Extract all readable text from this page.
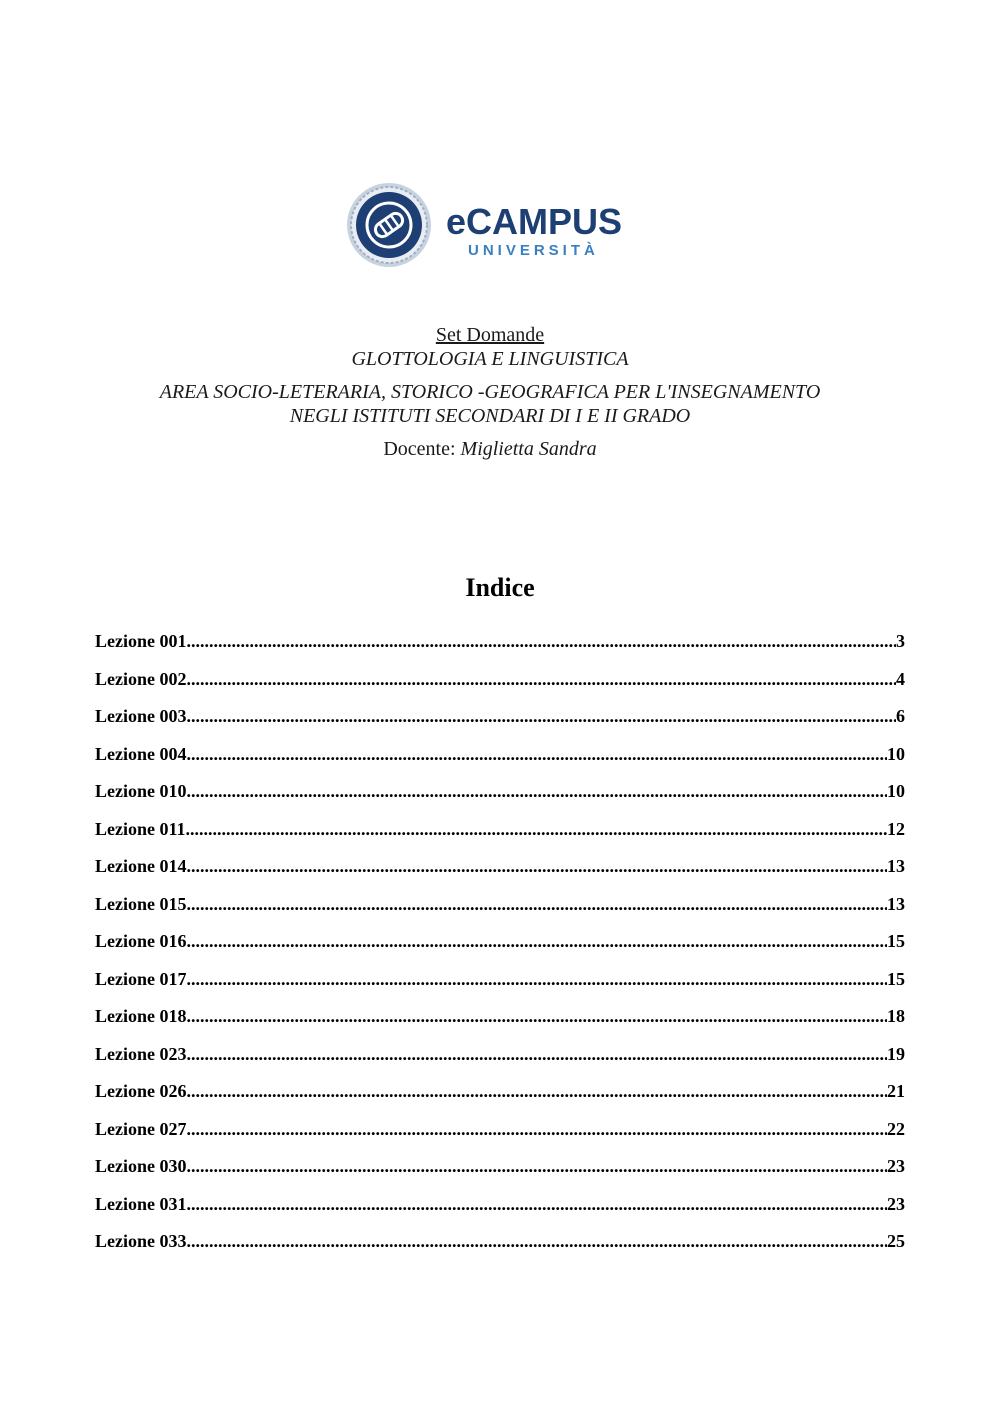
eCAMPUS
UNIVERSITÀ
Set Domande
GLOTTOLOGIA E LINGUISTICA
AREA SOCIO-LETERARIA, STORICO -GEOGRAFICA PER L'INSEGNAMENTO
NEGLI ISTITUTI SECONDARI DI I E II GRADO
Docente: Miglietta Sandra
Indice
Lezione 001 .....	3
Lezione 002 .....	4
Lezione 003 .....	6
Lezione 004 .....	10
Lezione 010 .....	10
Lezione 011 .....	12
Lezione 014 .....	13
Lezione 015 .....	13
Lezione 016 .....	15
Lezione 017 .....	15
Lezione 018 .....	18
Lezione 023 .....	19
Lezione 026 .....	21
Lezione 027 .....	22
Lezione 030 .....	23
Lezione 031 .....	23
Lezione 033 .....	25
